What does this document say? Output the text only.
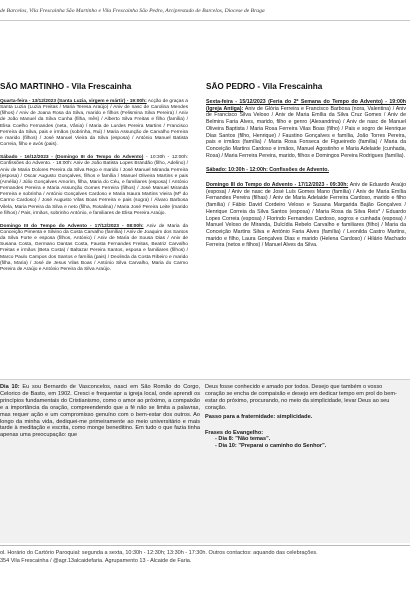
de Barcelos, Vila Frescainha São Martinho e Vila Frescainha São Pedro, Arciprestado de Barcelos, Diocese de Braga
SÃO MARTINHO - Vila Frescainha

Quarta-feira - 13/12/2023 (Santa Luzia, virgem e mártir) - 19:00h: Acção de graças a Santa Luzia (Luzia Freitas / Maria Teresa Araújo) / Aniv de nasc de Carolina Mendes (filhos) / Aniv de Joana Rosa da Silva, marido e filhos (Felismina Silva Pereira) / Aniv de João Manuel da Silva Cunha (filha, Inês) / Alberto Silva Freitas e filho (família) / Elisa Coelho Fernandes (neta, Vânia) / Maria de Lurdes Pereira Martins / Francisco Ferreira da Silva, pais e irmãos (sobrinha, Rui) / Maria Assunção de Carvalho Ferreira e marido (filhos) / José Manuel Vieira da Silva (esposa) / António Manuel Batista Correia, filho e avós (pais).

Sábado - 16/12/2023 - (Domingo III do Tempo do Advento) - 10:30h - 12:00h: Confissões do Advento. - 18:00h: Aniv de João Batista Lopes Brandão (filho, Adelino) / Aniv de Maria Dolores Pereira da Silva Rego e marido / José Manuel Miranda Ferreira (esposa) / Oscar Augusto Gonçalves, filhos e família / Manuel Oliveira Martins e pais (Amélia) / Júlio Gonçalves Amorim, filha, Maria do Céu, e familiares (esposa) / António Fernandes Pereira e Maria Assunção Gomes Ferreira (filhos) / José Manuel Miranda Ferreira e sobrinha / António Gonçalves Cardoso e Maria Isaura Martins Vieira (Mª do Carmo Cardoso) / José Augusto Vilas Boas Ferreira e pais (sogra) / Álvaro Barbosa Vilela, Maria Pereira da Silva e neto (filha, Rosalina) / Maria José Pereira Leite (marido e filhos) / Pais, irmãos, sobrinho António, e familiares de Elisa Pereira Araújo.

Domingo III do Tempo do Advento - 17/12/2023 - 08:00h: Aniv de Maria da Conceição Pimenta e Silvino da Costa Carvalho (família) / Aniv de Joaquim dos Santos da Silva Forte e esposa (filhos, António) / Aniv de Maria de Sousa Dias / Aniv de Susana Costa, Germano Dantas Costa, Fausta Fernandes Freitas, Beatriz Carvalho Freitas e irmãos (Beta Costa) / Baltazar Pereira Santos, esposa e familiares (filhos) / Marco Paulo Campos dos Santos e família (pais) / Deolinda da Costa Ribeiro e marido (filha, Maria) / José de Jesus Vilas Boas / António Silva Carvalho, Maria do Carmo Pereira de Araújo e António Pereira da Silva Araújo.

SÃO PEDRO - Vila Frescainha

Sexta-feira - 15/12/2023 (Feria do 2º Semana do Tempo do Advento) - 19:00h (Igreja Antiga): Aniv de Glória Ferreira e Francisco Barbosa (nora, Valentina) / Aniv de Francisco Silva Veloso / Aniv de Maria Emília da Silva Cruz Gomes / Aniv de Belmira Faria Alves, marido, filho e genro (Alexandrina) / Aniv de nasc de Manuel Oliveira Baptista / Maria Rosa Ferreira Vilas Boas (filho) / Pais e sogro de Henrique Dias Santos (filho, Henrique) / Faustino Gonçalves e família, João Torres Pereira, pais e irmãos (família) / Maria Rosa Fonseca de Figueiredo (família) / Maria da Conceição Martins Cardoso e irmãos, Manuel Agostinho e Maria Adelaide (cunhada, Rosa) / Maria Ferreira Pereira, marido, filhos e Domingos Pereira Rodrigues (família).

Sábado: 10:30h - 12:00h: Confissões de Advento.

Domingo III do Tempo do Advento - 17/12/2023 - 09:30h: Aniv de Eduardo Araújo (esposa) / Aniv de nasc de José Luís Gomes Mano (família) / Aniv de Maria Emília Fernandes Pereira (filhas) / Aniv de Maria Adelaide Ferreira Cardoso, marido e filho (família) / Fábio David Cordeiro Veloso e Susana Margarida Bajão Gonçalves / Henrique Correia da Silva Santos (esposa) / Maria Rosa da Silva Reis* / Eduardo Lopes Correia (esposa) / Florindo Fernandes Cardoso, sogros e cunhada (esposa) / Manuel Veloso de Miranda, Dulcídia Rebelo Carvalho e familiares (filho) / Maria da Conceição Martins Silva e António Faria Alves (família) / Leonilda Castro Martins, marido e filho, Laura Gonçalves Dias e marido (Helena Cardoso) / Hilário Machado Ferreira (netos e filhos) / Manuel Alves da Silva.

Dia 10: Eu sou Bernardo de Vasconcelos, nasci em São Romão do Corgo, Celorico de Basto, em 1902. Cresci e frequentar a igreja local, onde aprendi os princípios fundamentais do Cristianismo, como o amor ao próximo, a compaixão e a importância da oração, compreendendo que a fé não se limita a palavras, mas requer ação e um compromisso genuíno com o bem-estar dos outros. Ao longo da minha vida, dediquei-me primeiramente ao meio universitário e mais tarde à meditação e escrita, como monge beneditino. Em tudo o que fazia tinha apenas uma preocupação: que

Deus fosse conhecido e amado por todos. Desejo que também o vosso coração se encha de compaixão e desejo em dedicar tempo em prol do bem-estar do próximo, procurando, no meio da simplicidade, levar Deus ao seu coração.

Passo para a fraternidade: simplicidade.

Frases do Evangelho:

- Dia 8: "Não temas".

- Dia 10: "Preparai o caminho do Senhor".

ol. Horário do Cartório Paroquial: segunda a sexta, 10:30h - 12:30h; 13:30h - 17:30h. Outros contactos: aquando das celebrações.
354 Vila Frescainha / @agr.13alcaidefaria. Agrupamento 13 - Alcaide de Faria.
